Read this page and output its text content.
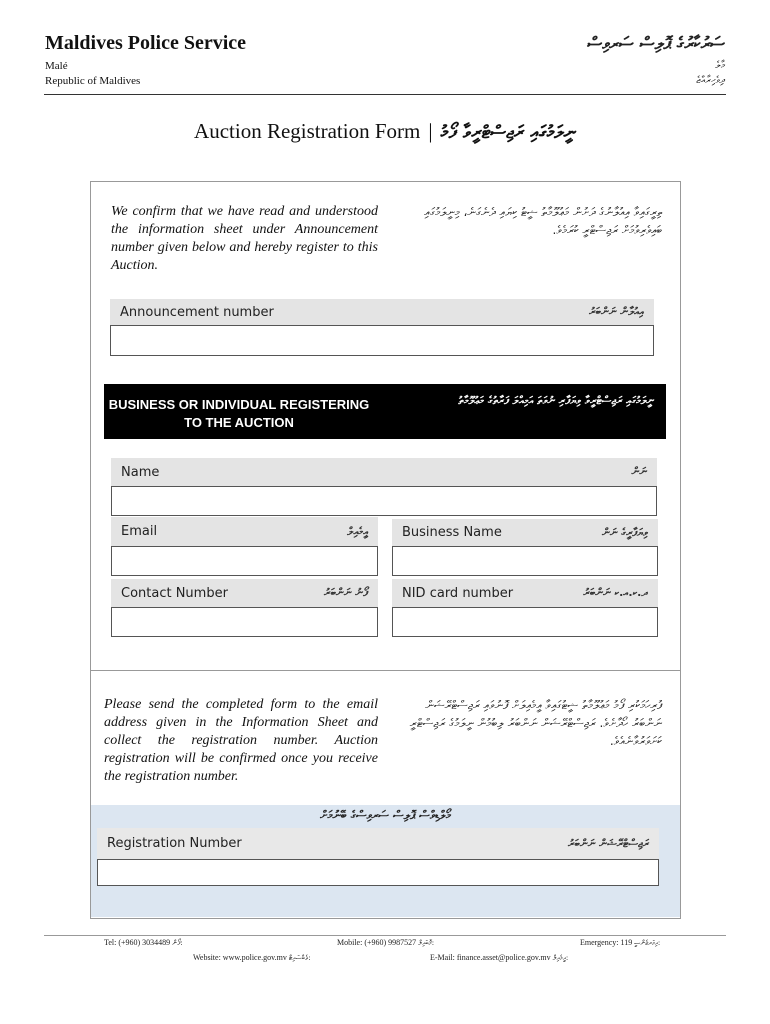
Maldives Police Service
Malé
Republic of Maldives
ސަރުކާރުގެ ޕޮލިސް ސަރވިސް
މާލެ
ދިވެހިރާއްޖެ
Auction Registration Form | ނީލަމުގައި ރަޖިސްޓްރީވާ ފޯމު
We confirm that we have read and understood the information sheet under Announcement number given below and hereby register to this Auction.
ތިރީގައިވާ އިއުލާނުގެ ދަށުން މަޢުލޫމާތު ޝީޓު ކިޔައި ދެނެގަނެ، މިނީލަމުގައި ބައިވެރިވުމަށް ރަޖިސްޓްރީ ކުރަމެވެ.
Announcement number	އިއުލާން ނަންބަރު
BUSINESS OR INDIVIDUAL REGISTERING
TO THE AUCTION
ނީލަމުގައި ރަޖިސްޓްރީވާ ވިޔަފާރި ނުވަތަ އަމިއްލަ ފަރާތުގެ މަޢުލޫމާތު
Name	ނަން
Email	އީމެއިލް	Business Name	ވިޔަފާރީގެ ނަން
Contact Number	ފޯނު ނަންބަރު	NID card number	ދ.ކ.އ.ކ ނަންބަރު
Please send the completed form to the email address given in the Information Sheet and collect the registration number. Auction registration will be confirmed once you receive the registration number.
ފުރިހަމަކުރި ފޯމު މަޢުލޫމާތު ޝީޓުގައިވާ އީމެއިލަށް ފޮނުވައި ރަޖިސްޓްރޭޝަން ނަންބަރު ހޯދާށެވެ. ރަޖިސްޓްރޭޝަން ނަންބަރު ލިބުމުން ނީލަމުގެ ރަޖިސްޓްރީ ކަށަވަރުވާނެއެވެ.
މޯލްޑިވްސް ޕޮލިސް ސަރވިސްގެ ބޭނުމަށް
Registration Number	ރަޖިސްޓްރޭޝަން ނަންބަރު
Tel: (+960) 3034489 ފޯން:	Mobile: (+960) 9987527 މޮބައިލް:	Emergency: 119 އިމަރޖެންސީ:
Website: www.police.gov.mv ވެބްސައިޓް:	E-Mail: finance.asset@police.gov.mv އީމެއިލް:
